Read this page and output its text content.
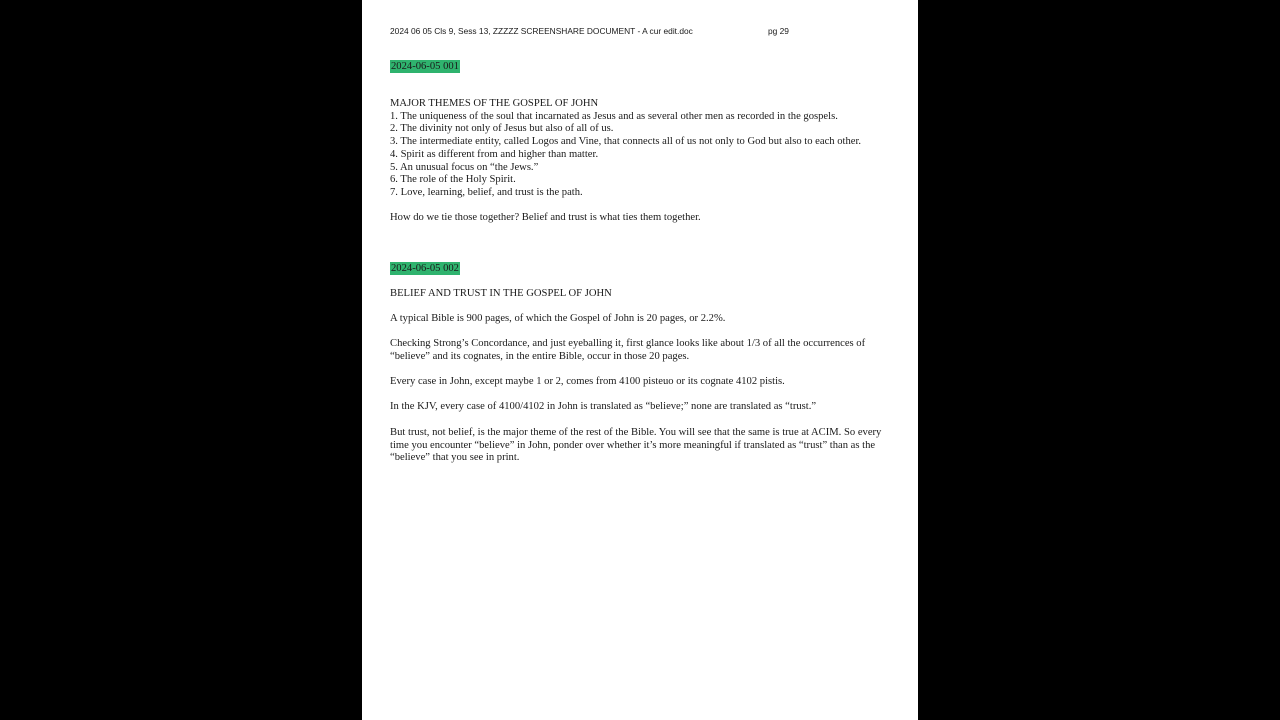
2024 06 05 Cls 9, Sess 13, ZZZZZ SCREENSHARE DOCUMENT - A cur edit.doc	pg 29
2024-06-05 001
MAJOR THEMES OF THE GOSPEL OF JOHN
1. The uniqueness of the soul that incarnated as Jesus and as several other men as recorded in the gospels.
2. The divinity not only of Jesus but also of all of us.
3. The intermediate entity, called Logos and Vine, that connects all of us not only to God but also to each other.
4. Spirit as different from and higher than matter.
5. An unusual focus on “the Jews.”
6. The role of the Holy Spirit.
7. Love, learning, belief, and trust is the path.
How do we tie those together? Belief and trust is what ties them together.
2024-06-05 002
BELIEF AND TRUST IN THE GOSPEL OF JOHN

A typical Bible is 900 pages, of which the Gospel of John is 20 pages, or 2.2%.

Checking Strong’s Concordance, and just eyeballing it, first glance looks like about 1/3 of all the occurrences of “believe” and its cognates, in the entire Bible, occur in those 20 pages.

Every case in John, except maybe 1 or 2, comes from 4100 pisteuo or its cognate 4102 pistis.

In the KJV, every case of 4100/4102 in John is translated as “believe;” none are translated as “trust.”

But trust, not belief, is the major theme of the rest of the Bible. You will see that the same is true at ACIM. So every time you encounter “believe” in John, ponder over whether it’s more meaningful if translated as “trust” than as the “believe” that you see in print.
